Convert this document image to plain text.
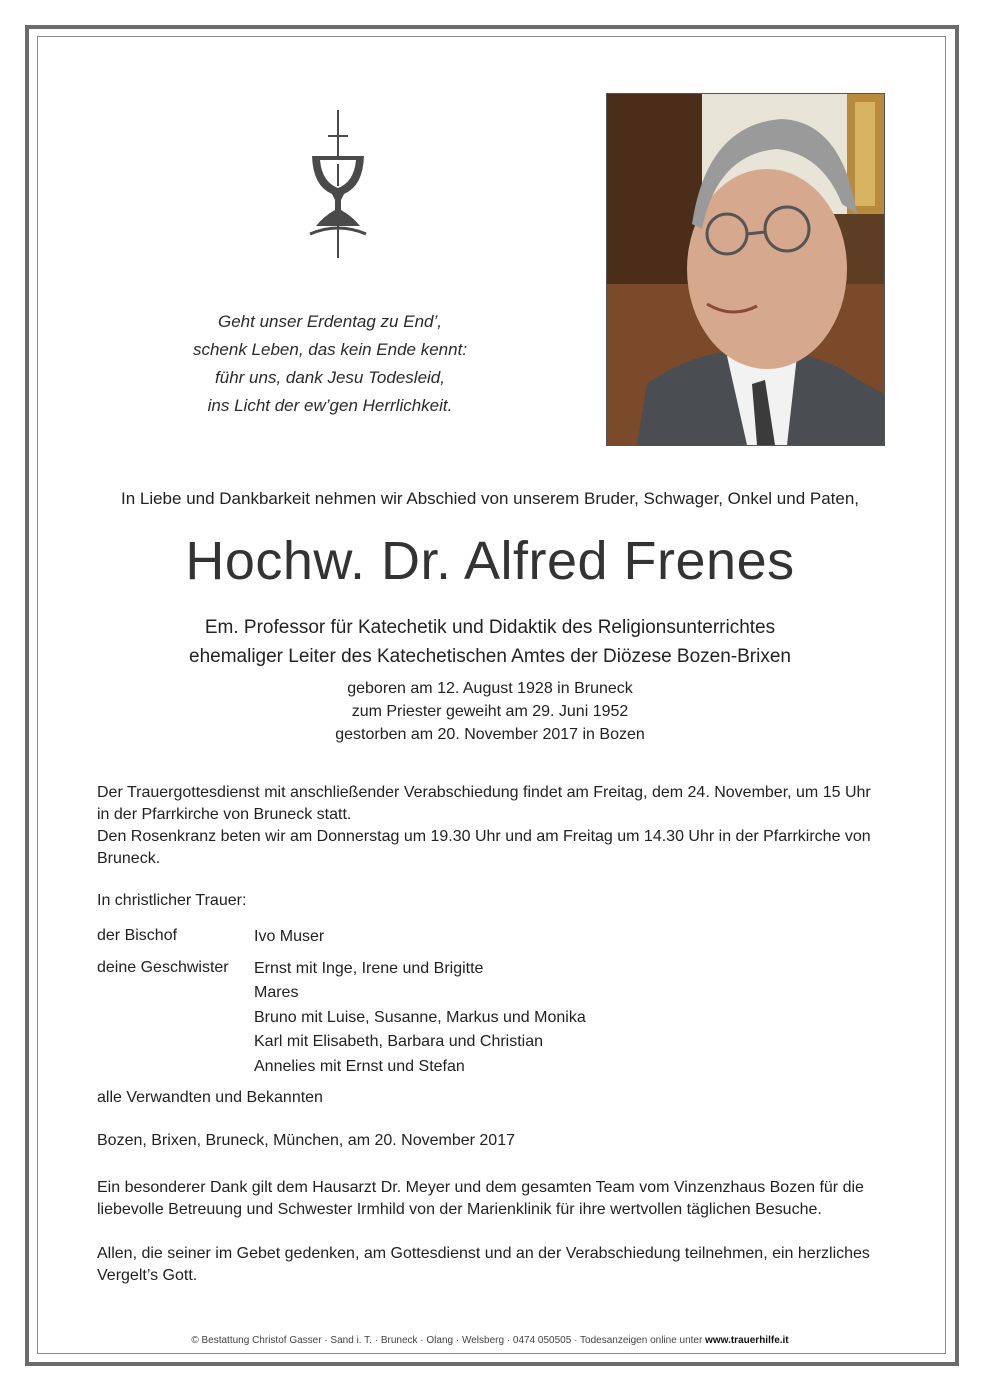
Geht unser Erdentag zu End’,
schenk Leben, das kein Ende kennt:
führ uns, dank Jesu Todesleid,
ins Licht der ew’gen Herrlichkeit.
In Liebe und Dankbarkeit nehmen wir Abschied von unserem Bruder, Schwager, Onkel und Paten,
Hochw. Dr. Alfred Frenes
Em. Professor für Katechetik und Didaktik des Religionsunterrichtes
ehemaliger Leiter des Katechetischen Amtes der Diözese Bozen-Brixen
geboren am 12. August 1928 in Bruneck
zum Priester geweiht am 29. Juni 1952
gestorben am 20. November 2017 in Bozen
Der Trauergottesdienst mit anschließender Verabschiedung findet am Freitag, dem 24. November, um 15 Uhr in der Pfarrkirche von Bruneck statt.
Den Rosenkranz beten wir am Donnerstag um 19.30 Uhr und am Freitag um 14.30 Uhr in der Pfarrkirche von Bruneck.
In christlicher Trauer:
der Bischof	Ivo Muser
deine Geschwister Ernst mit Inge, Irene und Brigitte
Mares
Bruno mit Luise, Susanne, Markus und Monika
Karl mit Elisabeth, Barbara und Christian
Annelies mit Ernst und Stefan
alle Verwandten und Bekannten
Bozen, Brixen, Bruneck, München, am 20. November 2017
Ein besonderer Dank gilt dem Hausarzt Dr. Meyer und dem gesamten Team vom Vinzenzhaus Bozen für die liebevolle Betreuung und Schwester Irmhild von der Marienklinik für ihre wertvollen täglichen Besuche.
Allen, die seiner im Gebet gedenken, am Gottesdienst und an der Verabschiedung teilnehmen, ein herzliches Vergelt’s Gott.
© Bestattung Christof Gasser · Sand i. T. · Bruneck · Olang · Welsberg · 0474 050505 · Todesanzeigen online unter www.trauerhilfe.it
